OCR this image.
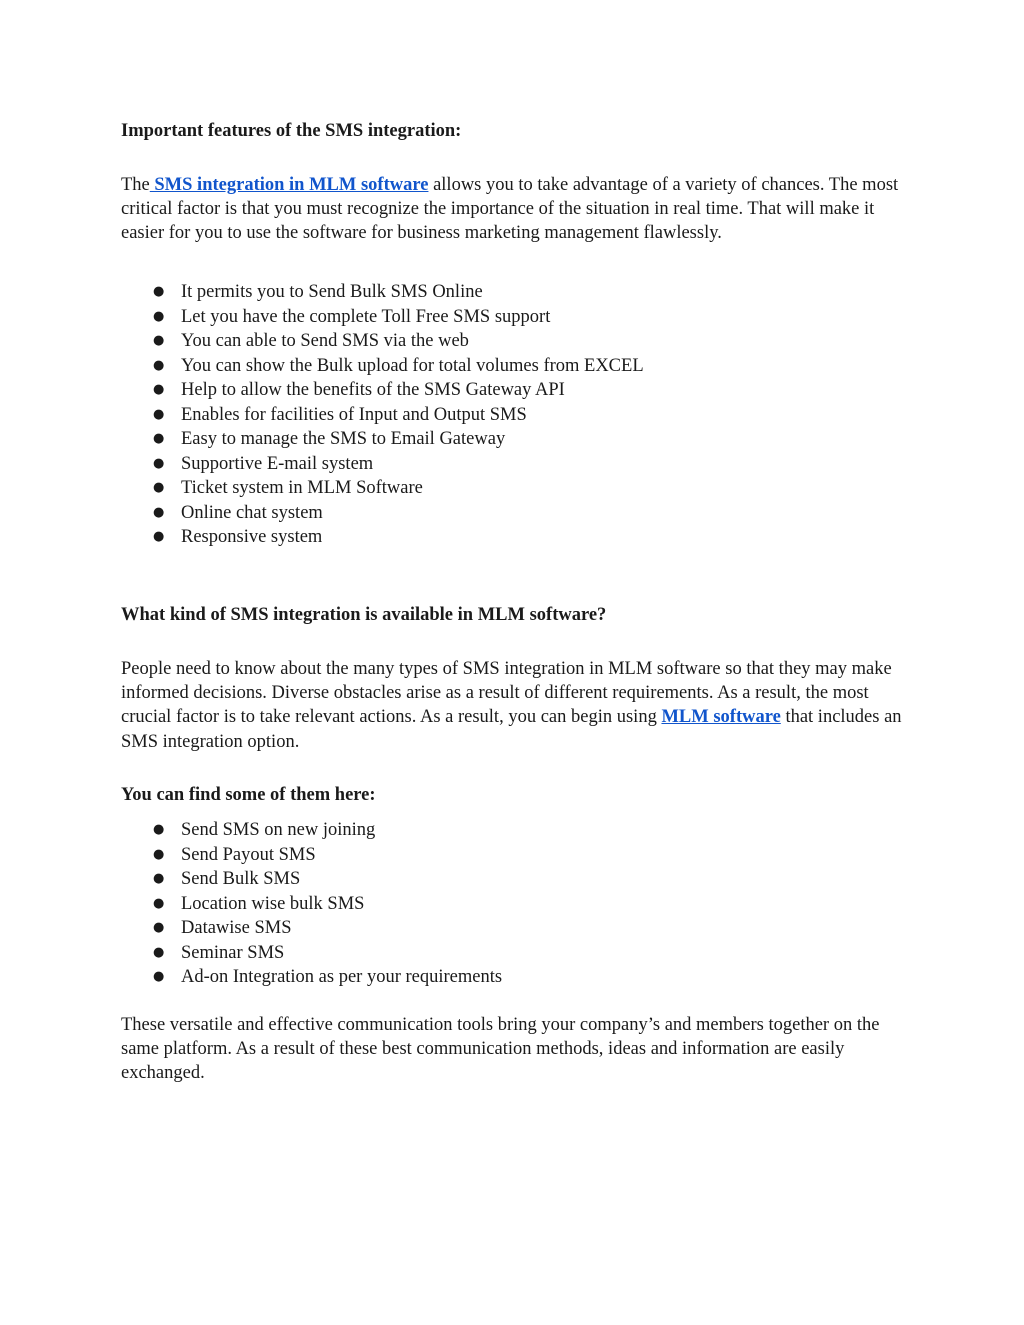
Important features of the SMS integration:

The SMS integration in MLM software allows you to take advantage of a variety of chances. The most critical factor is that you must recognize the importance of the situation in real time. That will make it easier for you to use the software for business marketing management flawlessly.

● It permits you to Send Bulk SMS Online
● Let you have the complete Toll Free SMS support
● You can able to Send SMS via the web
● You can show the Bulk upload for total volumes from EXCEL
● Help to allow the benefits of the SMS Gateway API
● Enables for facilities of Input and Output SMS
● Easy to manage the SMS to Email Gateway
● Supportive E-mail system
● Ticket system in MLM Software
● Online chat system
● Responsive system

What kind of SMS integration is available in MLM software?

People need to know about the many types of SMS integration in MLM software so that they may make informed decisions. Diverse obstacles arise as a result of different requirements. As a result, the most crucial factor is to take relevant actions. As a result, you can begin using MLM software that includes an SMS integration option.

You can find some of them here:

● Send SMS on new joining
● Send Payout SMS
● Send Bulk SMS
● Location wise bulk SMS
● Datawise SMS
● Seminar SMS
● Ad-on Integration as per your requirements

These versatile and effective communication tools bring your company’s and members together on the same platform. As a result of these best communication methods, ideas and information are easily exchanged.
